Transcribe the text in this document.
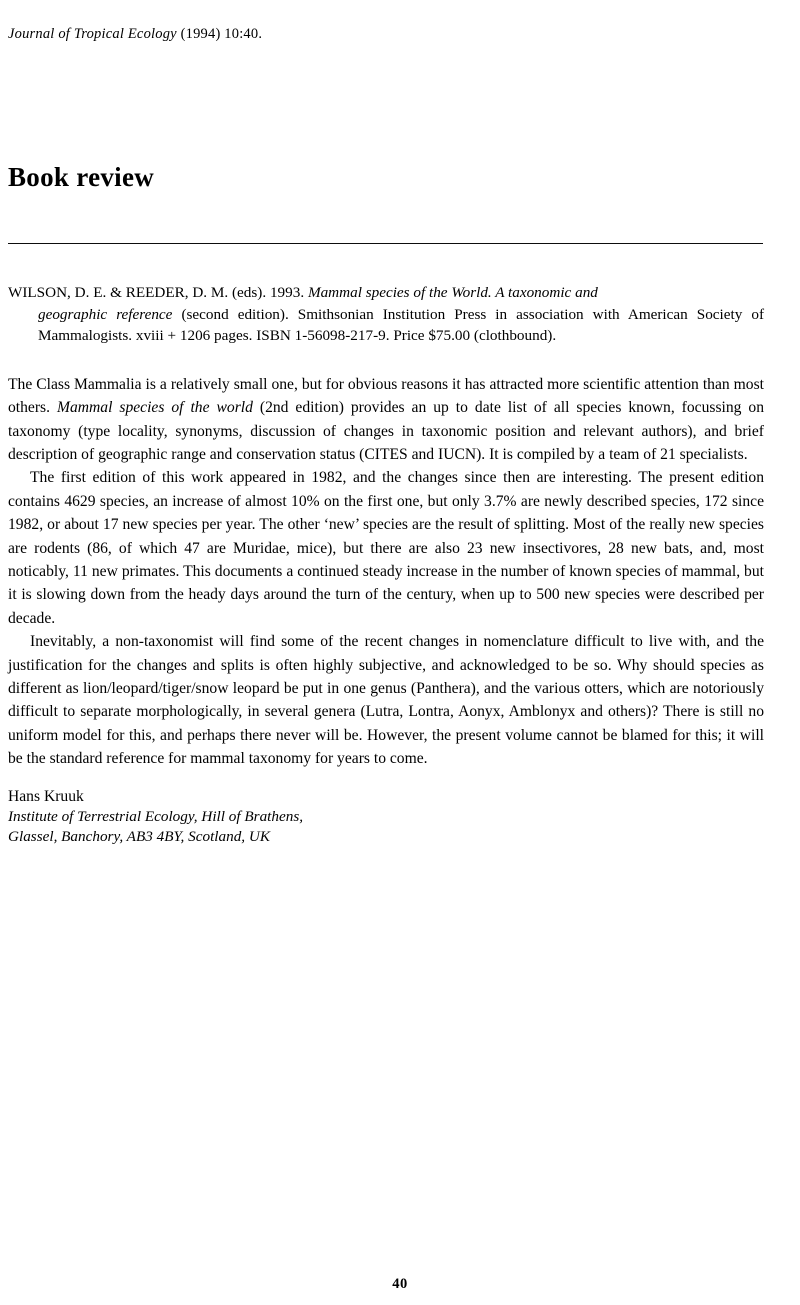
Journal of Tropical Ecology (1994) 10:40.
Book review

WILSON, D. E. & REEDER, D. M. (eds). 1993. Mammal species of the World. A taxonomic and
geographic reference (second edition). Smithsonian Institution Press in association with American Society of Mammalogists. xviii + 1206 pages. ISBN 1-56098-217-9. Price $75.00 (clothbound).

The Class Mammalia is a relatively small one, but for obvious reasons it has attracted more scientific attention than most others. Mammal species of the world (2nd edition) provides an up to date list of all species known, focussing on taxonomy (type locality, synonyms, discussion of changes in taxonomic position and relevant authors), and brief description of geographic range and conservation status (CITES and IUCN). It is compiled by a team of 21 specialists.

The first edition of this work appeared in 1982, and the changes since then are interesting. The present edition contains 4629 species, an increase of almost 10% on the first one, but only 3.7% are newly described species, 172 since 1982, or about 17 new species per year. The other ‘new’ species are the result of splitting. Most of the really new species are rodents (86, of which 47 are Muridae, mice), but there are also 23 new insectivores, 28 new bats, and, most noticably, 11 new primates. This documents a continued steady increase in the number of known species of mammal, but it is slowing down from the heady days around the turn of the century, when up to 500 new species were described per decade.

Inevitably, a non-taxonomist will find some of the recent changes in nomenclature difficult to live with, and the justification for the changes and splits is often highly subjective, and acknowledged to be so. Why should species as different as lion/leopard/tiger/snow leopard be put in one genus (Panthera), and the various otters, which are notoriously difficult to separate morphologically, in several genera (Lutra, Lontra, Aonyx, Amblonyx and others)? There is still no uniform model for this, and perhaps there never will be. However, the present volume cannot be blamed for this; it will be the standard reference for mammal taxonomy for years to come.

Hans Kruuk
Institute of Terrestrial Ecology, Hill of Brathens,
Glassel, Banchory, AB3 4BY, Scotland, UK
40
